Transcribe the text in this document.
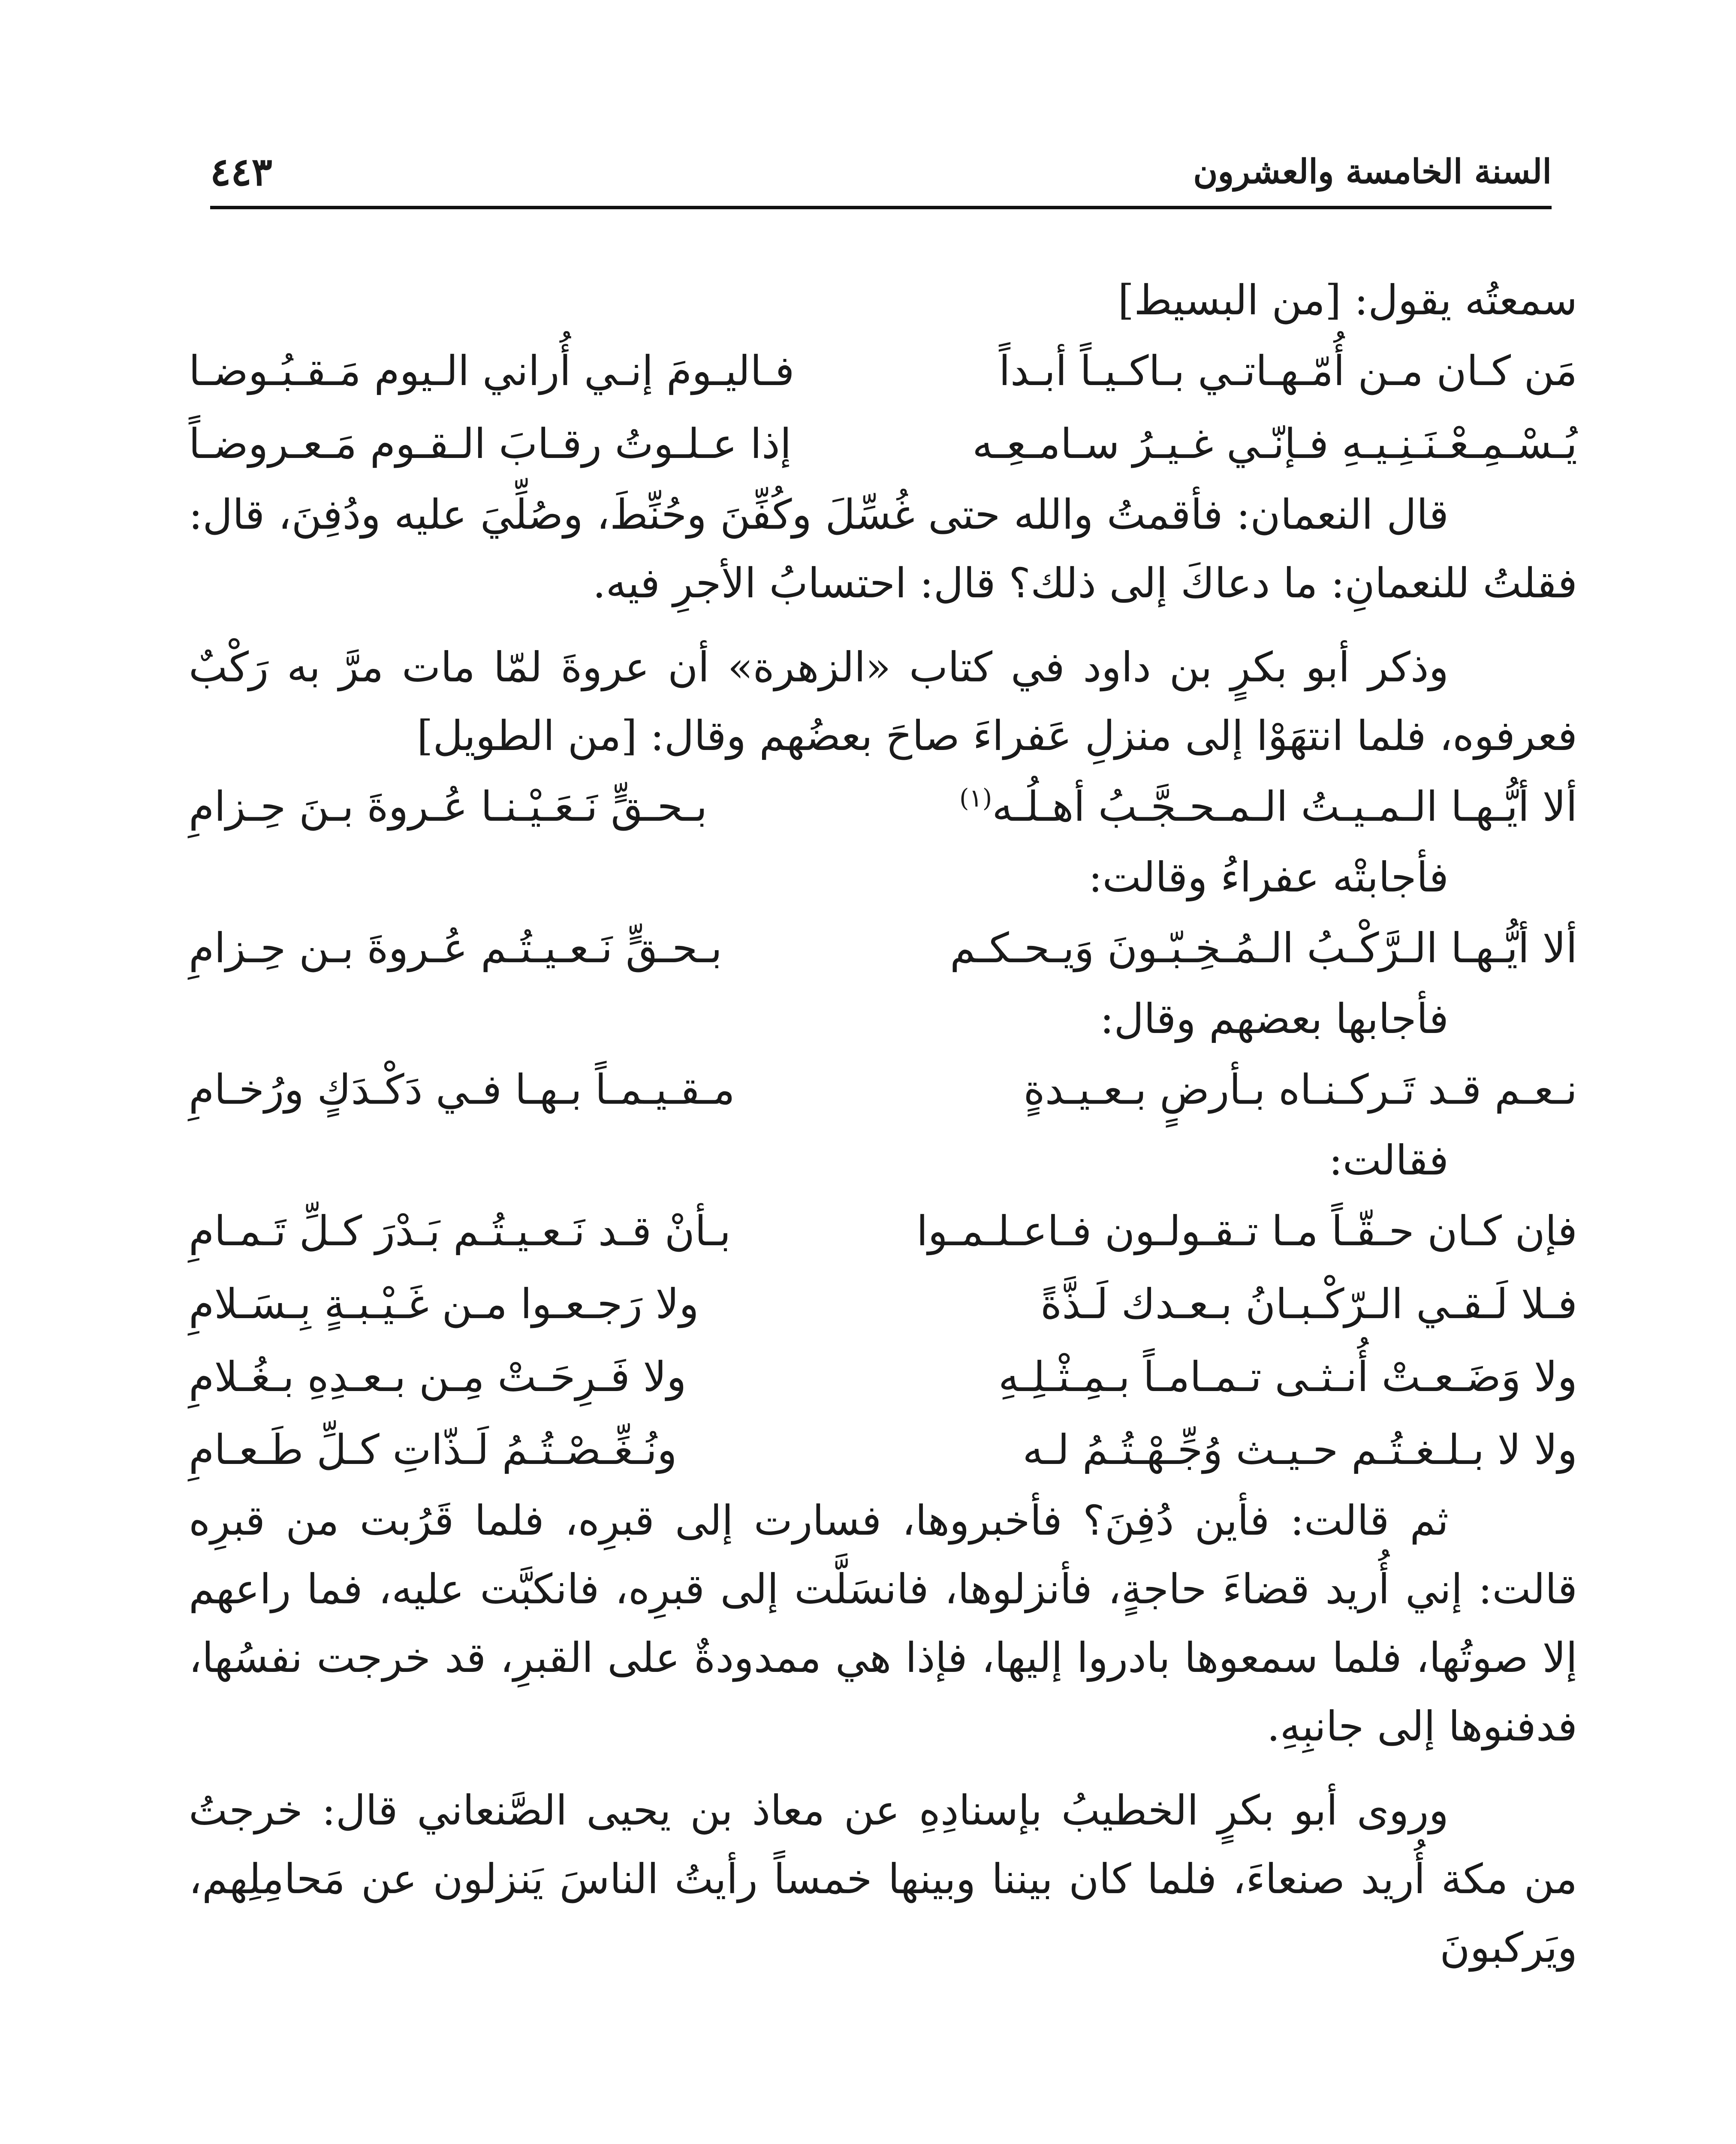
السنة الخامسة والعشرون
٤٤٣

سمعتُه يقول: [من البسيط]

مَن كـان مـن أُمّـهـاتـي بـاكـيـاً أبـداً
فـاليـومَ إنـي أُراني الـيوم مَـقـبُـوضـا
يُـسْـمِـعْـنَـنِـيـهِ فـإنّـي غـيـرُ سـامـعِـه
إذا عـلـوتُ رقـابَ الـقـوم مَـعـروضـاً

قال النعمان: فأقمتُ والله حتى غُسِّلَ وكُفِّنَ وحُنِّطَ، وصُلِّيَ عليه ودُفِنَ، قال: فقلتُ للنعمانِ: ما دعاكَ إلى ذلك؟ قال: احتسابُ الأجرِ فيه.

وذكر أبو بكرٍ بن داود في كتاب «الزهرة» أن عروةَ لمّا مات مرَّ به رَكْبٌ فعرفوه، فلما انتهَوْا إلى منزلِ عَفراءَ صاحَ بعضُهم وقال: [من الطويل]

ألا أيُّـهـا الـمـيـتُ الـمـحـجَّـبُ أهـلُـه$^{(١)}$
بـحـقٍّ نَـعَـيْـنـا عُـروةَ بـنَ حِـزامِ

فأجابتْه عفراءُ وقالت:

ألا أيُّـهـا الـرَّكْـبُ الـمُـخِـبّـونَ وَيـحـكـم
بـحـقٍّ نَـعـيـتُـم عُـروةَ بـن حِـزامِ

فأجابها بعضهم وقال:

نـعـم قـد تَـركـنـاه بـأرضٍ بـعـيـدةٍ
مـقـيـمـاً بـهـا فـي دَكْـدَكٍ ورُخـامِ

فقالت:

فإن كـان حـقّـاً مـا تـقـولـون فـاعـلـمـوا
بـأنْ قـد نَـعـيـتُـم بَـدْرَ كـلِّ تَـمـامِ
فـلا لَـقـي الـرّكْـبـانُ بـعـدك لَـذَّةً
ولا رَجـعـوا مـن غَـيْـبـةٍ بِـسَـلامِ
ولا وَضَـعـتْ أُنـثـى تـمـامـاً بـمِـثْـلِـهِ
ولا فَـرِحَـتْ مِـن بـعـدِهِ بـغُـلامِ
ولا لا بـلـغـتُـم حـيـث وُجِّـهْـتُـمُ لـه
ونُـغِّـصْـتُـمُ لَـذّاتِ كـلِّ طَـعـامِ

ثم قالت: فأين دُفِنَ؟ فأخبروها، فسارت إلى قبرِه، فلما قَرُبت من قبرِه قالت: إني أُريد قضاءَ حاجةٍ، فأنزلوها، فانسَلَّت إلى قبرِه، فانكبَّت عليه، فما راعهم إلا صوتُها، فلما سمعوها بادروا إليها، فإذا هي ممدودةٌ على القبرِ، قد خرجت نفسُها، فدفنوها إلى جانبِهِ.

وروى أبو بكرٍ الخطيبُ بإسنادِهِ عن معاذ بن يحيى الصَّنعاني قال: خرجتُ من مكة أُريد صنعاءَ، فلما كان بيننا وبينها خمساً رأيتُ الناسَ يَنزلون عن مَحامِلِهم، ويَركبونَ
